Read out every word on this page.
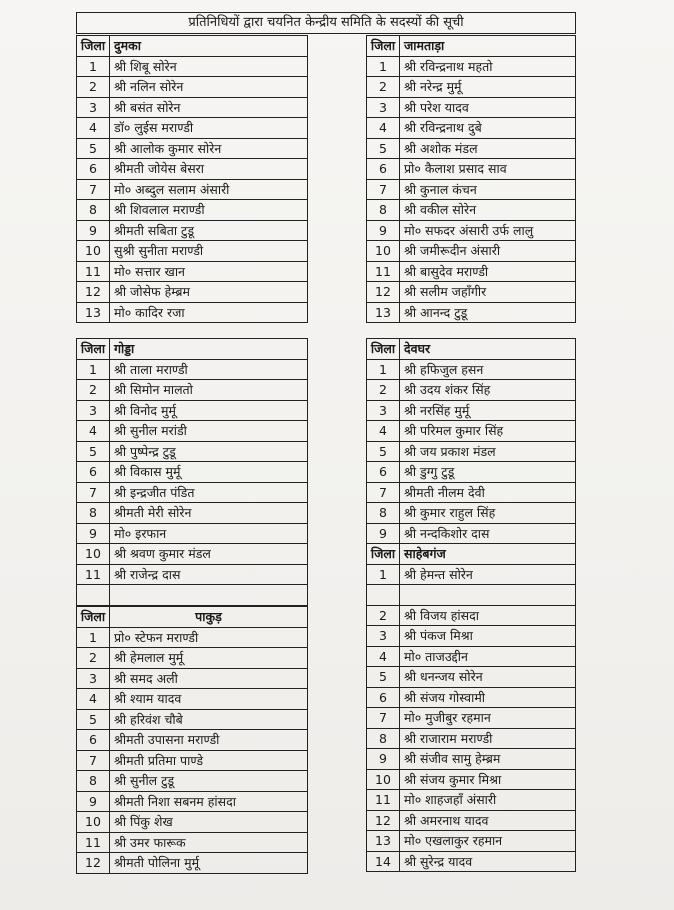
प्रतिनिधियों द्वारा चयनित केन्द्रीय समिति के सदस्यों की सूची
जिला	दुमका
1	श्री शिबू सोरेन
2	श्री नलिन सोरेन
3	श्री बसंत सोरेन
4	डॉ० लुईस मराण्डी
5	श्री आलोक कुमार सोरेन
6	श्रीमती जोयेस बेसरा
7	मो० अब्दुल सलाम अंसारी
8	श्री शिवलाल मराण्डी
9	श्रीमती सबिता टुडू
10	सुश्री सुनीता मराण्डी
11	मो० सत्तार खान
12	श्री जोसेफ हेम्ब्रम
13	मो० कादिर रजा
जिला	जामताड़ा
1	श्री रविन्द्रनाथ महतो
2	श्री नरेन्द्र मुर्मू
3	श्री परेश यादव
4	श्री रविन्द्रनाथ दुबे
5	श्री अशोक मंडल
6	प्रो० कैलाश प्रसाद साव
7	श्री कुनाल कंचन
8	श्री वकील सोरेन
9	मो० सफदर अंसारी उर्फ लालु
10	श्री जमीरूदीन अंसारी
11	श्री बासुदेव मराण्डी
12	श्री सलीम जहाँगीर
13	श्री आनन्द टुडू
जिला	गोड्डा
1	श्री ताला मराण्डी
2	श्री सिमोन मालतो
3	श्री विनोद मुर्मू
4	श्री सुनील मरांडी
5	श्री पुष्पेन्द्र टुडू
6	श्री विकास मुर्मू
7	श्री इन्द्रजीत पंडित
8	श्रीमती मेरी सोरेन
9	मो० इरफान
10	श्री श्रवण कुमार मंडल
11	श्री राजेन्द्र दास

जिला	देवघर
1	श्री हफिजुल हसन
2	श्री उदय शंकर सिंह
3	श्री नरसिंह मुर्मू
4	श्री परिमल कुमार सिंह
5	श्री जय प्रकाश मंडल
6	श्री डुग्गु टुडू
7	श्रीमती नीलम देवी
8	श्री कुमार राहुल सिंह
9	श्री नन्दकिशोर दास
जिला	पाकुड़
1	प्रो० स्टेफन मराण्डी
2	श्री हेमलाल मुर्मू
3	श्री समद अली
4	श्री श्याम यादव
5	श्री हरिवंश चौबे
6	श्रीमती उपासना मराण्डी
7	श्रीमती प्रतिमा पाण्डे
8	श्री सुनील टुडू
9	श्रीमती निशा सबनम हांसदा
10	श्री पिंकु शेख
11	श्री उमर फारूक
12	श्रीमती पोलिना मुर्मू
जिला	साहेबगंज
1	श्री हेमन्त सोरेन

2	श्री विजय हांसदा
3	श्री पंकज मिश्रा
4	मो० ताजउद्दीन
5	श्री धनन्जय सोरेन
6	श्री संजय गोस्वामी
7	मो० मुजीबुर रहमान
8	श्री राजाराम मराण्डी
9	श्री संजीव सामु हेम्ब्रम
10	श्री संजय कुमार मिश्रा
11	मो० शाहजहाँ अंसारी
12	श्री अमरनाथ यादव
13	मो० एखलाकुर रहमान
14	श्री सुरेन्द्र यादव
